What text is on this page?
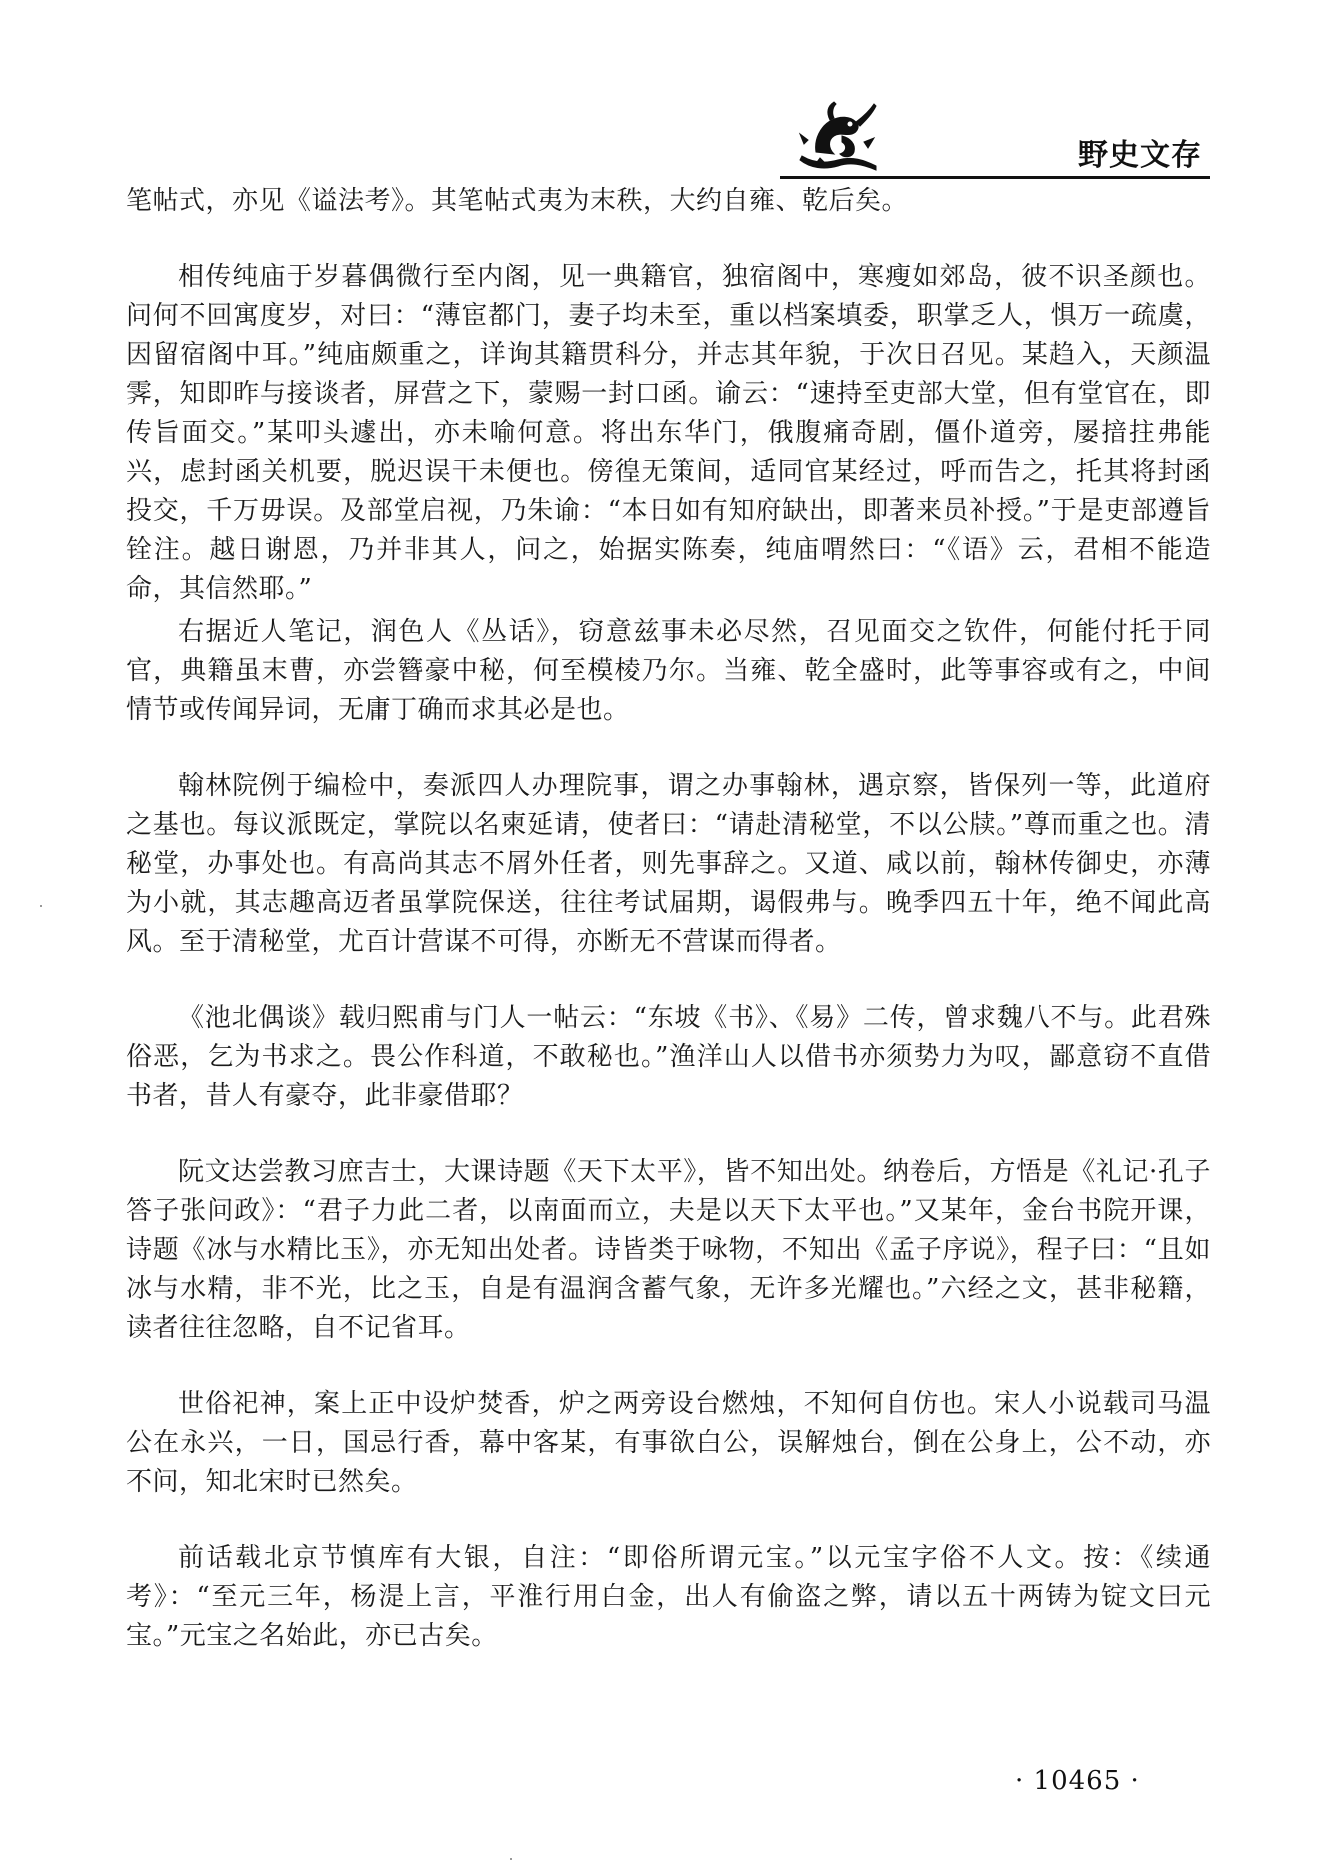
野史文存

笔帖式，亦见《谥法考》。其笔帖式夷为末秩，大约自雍、乾后矣。

相传纯庙于岁暮偶微行至内阁，见一典籍官，独宿阁中，寒瘦如郊岛，彼不识圣颜也。问何不回寓度岁，对曰：“薄宦都门，妻子均未至，重以档案填委，职掌乏人，惧万一疏虞，因留宿阁中耳。”纯庙颇重之，详询其籍贯科分，并志其年貌，于次日召见。某趋入，天颜温霁，知即昨与接谈者，屏营之下，蒙赐一封口函。谕云：“速持至吏部大堂，但有堂官在，即传旨面交。”某叩头遽出，亦未喻何意。将出东华门，俄腹痛奇剧，僵仆道旁，屡揞拄弗能兴，虑封函关机要，脱迟误干未便也。傍徨无策间，适同官某经过，呼而告之，托其将封函投交，千万毋误。及部堂启视，乃朱谕：“本日如有知府缺出，即著来员补授。”于是吏部遵旨铨注。越日谢恩，乃并非其人，问之，始据实陈奏，纯庙喟然曰：“《语》云，君相不能造命，其信然耶。”

右据近人笔记，润色人《丛话》，窃意兹事未必尽然，召见面交之钦件，何能付托于同官，典籍虽末曹，亦尝簪豪中秘，何至模棱乃尔。当雍、乾全盛时，此等事容或有之，中间情节或传闻异词，无庸丁确而求其必是也。

翰林院例于编检中，奏派四人办理院事，谓之办事翰林，遇京察，皆保列一等，此道府之基也。每议派既定，掌院以名柬延请，使者曰：“请赴清秘堂，不以公牍。”尊而重之也。清秘堂，办事处也。有高尚其志不屑外任者，则先事辞之。又道、咸以前，翰林传御史，亦薄为小就，其志趣高迈者虽掌院保送，往往考试届期，谒假弗与。晚季四五十年，绝不闻此高风。至于清秘堂，尤百计营谋不可得，亦断无不营谋而得者。

《池北偶谈》载归熙甫与门人一帖云：“东坡《书》、《易》二传，曾求魏八不与。此君殊俗恶，乞为书求之。畏公作科道，不敢秘也。”渔洋山人以借书亦须势力为叹，鄙意窃不直借书者，昔人有豪夺，此非豪借耶？

阮文达尝教习庶吉士，大课诗题《天下太平》，皆不知出处。纳卷后，方悟是《礼记·孔子答子张问政》：“君子力此二者，以南面而立，夫是以天下太平也。”又某年，金台书院开课，诗题《冰与水精比玉》，亦无知出处者。诗皆类于咏物，不知出《孟子序说》，程子曰：“且如冰与水精，非不光，比之玉，自是有温润含蓄气象，无许多光耀也。”六经之文，甚非秘籍，读者往往忽略，自不记省耳。

世俗祀神，案上正中设炉焚香，炉之两旁设台燃烛，不知何自仿也。宋人小说载司马温公在永兴，一日，国忌行香，幕中客某，有事欲白公，误解烛台，倒在公身上，公不动，亦不问，知北宋时已然矣。

前话载北京节慎库有大银，自注：“即俗所谓元宝。”以元宝字俗不人文。按：《续通考》：“至元三年，杨湜上言，平淮行用白金，出人有偷盗之弊，请以五十两铸为锭文曰元宝。”元宝之名始此，亦已古矣。

· 10465 ·
